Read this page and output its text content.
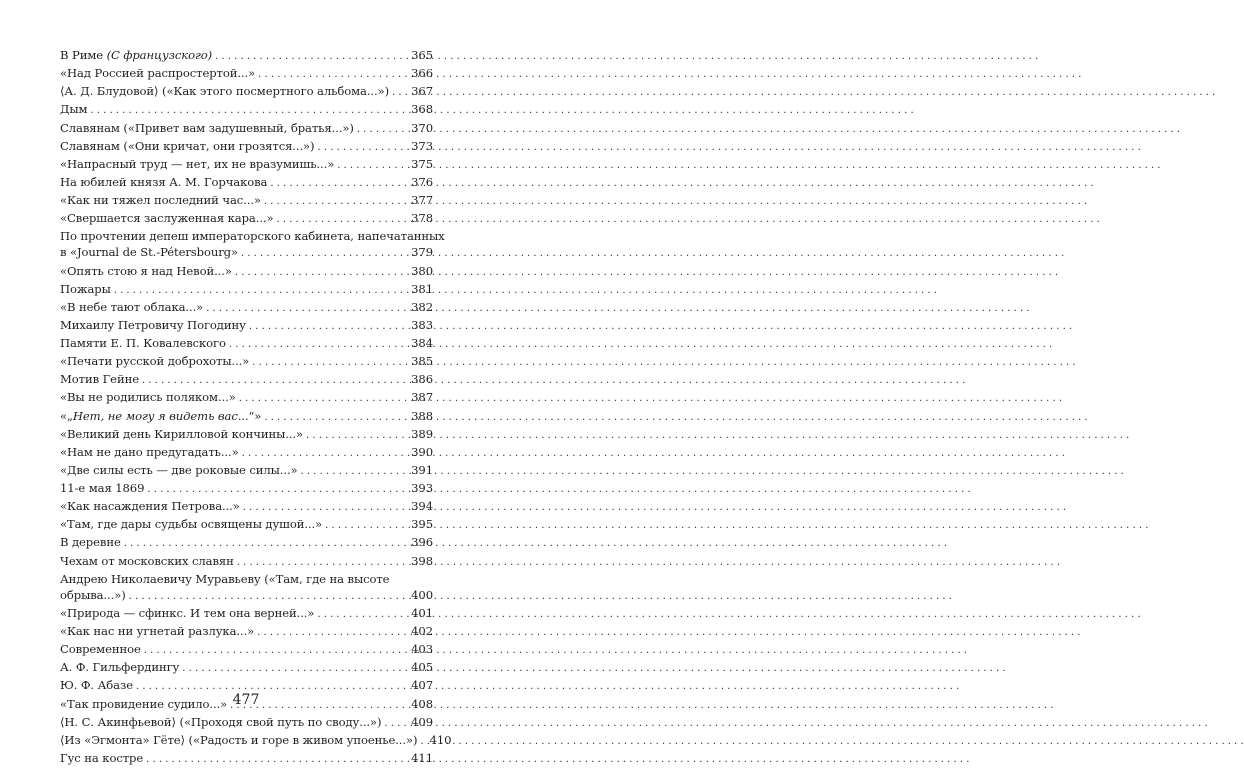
В Риме (С французского) . . .	365
«Над Россией распростертой...» . . .	366
⟨А. Д. Блудовой⟩ («Как этого посмертного альбома...») . . . 367
Дым . . .	368
Славянам («Привет вам задушевный, братья...») . . .	370
Славянам («Они кричат, они грозятся...») . . .	373
«Напрасный труд — нет, их не вразумишь...» . . .	375
На юбилей князя А. М. Горчакова . . .	376
«Как ни тяжел последний час...» . . .	377
«Свершается заслуженная кара...» . . .	378
По прочтении депеш императорского кабинета, напечатанных
в «Journal de St.-Pétersbourg» . . .	379
«Опять стою я над Невой...» . . .	380
Пожары . . .	381
«В небе тают облака...» . . .	382
Михаилу Петровичу Погодину . . .	383
Памяти Е. П. Ковалевского . . .	384
«Печати русской доброхоты...» . . .	385
Мотив Гейне . . .	386
«Вы не родились поляком...» . . .	387
«„Нет, не могу я видеть вас...“» . . .	388
«Великий день Кирилловой кончины...» . . .	389
«Нам не дано предугадать...» . . .	390
«Две силы есть — две роковые силы...» . . .	391
11-е мая 1869 . . .	393
«Как насаждения Петрова...» . . .	394
«Там, где дары судьбы освящены душой...» . . .	395
В деревне . . .	396
Чехам от московских славян . . .	398
Андрею Николаевичу Муравьеву («Там, где на высоте
обрыва...») . . .	400
«Природа — сфинкс. И тем она верней...» . . .	401
«Как нас ни угнетай разлука...» . . .	402
Современное . . .	403
А. Ф. Гильфердингу . . .	405
Ю. Ф. Абазе . . .	407
«Так провидение судило...» . . .	408
⟨Н. С. Акинфьевой⟩ («Проходя свой путь по своду...») . . .	409
⟨Из «Эгмонта» Гёте⟩ («Радость и горе в живом упоенье...») . . . 410
Гус на костре . . .	411
477
